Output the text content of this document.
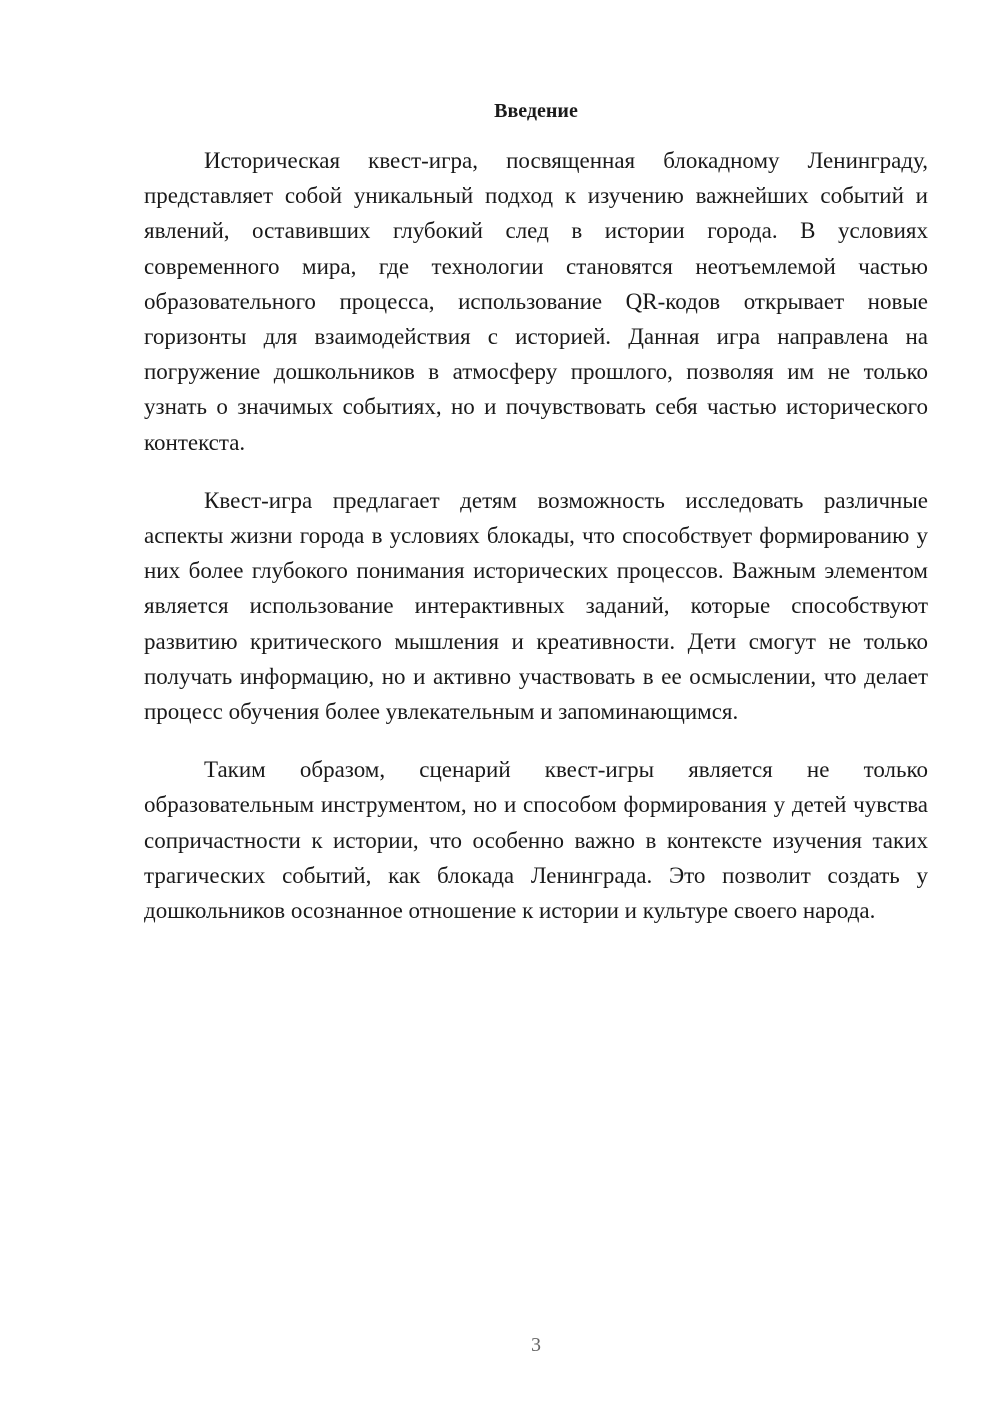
Введение

Историческая квест-игра, посвященная блокадному Ленинграду, представляет собой уникальный подход к изучению важнейших событий и явлений, оставивших глубокий след в истории города. В условиях современного мира, где технологии становятся неотъемлемой частью образовательного процесса, использование QR-кодов открывает новые горизонты для взаимодействия с историей. Данная игра направлена на погружение дошкольников в атмосферу прошлого, позволяя им не только узнать о значимых событиях, но и почувствовать себя частью исторического контекста.

Квест-игра предлагает детям возможность исследовать различные аспекты жизни города в условиях блокады, что способствует формированию у них более глубокого понимания исторических процессов. Важным элементом является использование интерактивных заданий, которые способствуют развитию критического мышления и креативности. Дети смогут не только получать информацию, но и активно участвовать в ее осмыслении, что делает процесс обучения более увлекательным и запоминающимся.

Таким образом, сценарий квест-игры является не только образовательным инструментом, но и способом формирования у детей чувства сопричастности к истории, что особенно важно в контексте изучения таких трагических событий, как блокада Ленинграда. Это позволит создать у дошкольников осознанное отношение к истории и культуре своего народа.

3
